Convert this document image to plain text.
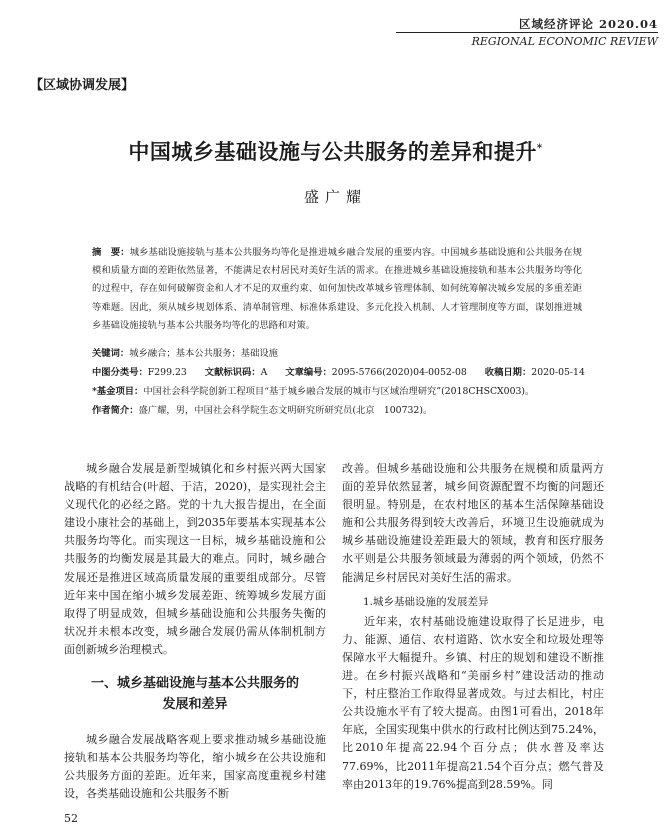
区域经济评论 2020.04
REGIONAL ECONOMIC REVIEW
【区域协调发展】
中国城乡基础设施与公共服务的差异和提升*
盛广耀
摘　要：城乡基础设施接轨与基本公共服务均等化是推进城乡融合发展的重要内容。中国城乡基础设施和公共服务在规模和质量方面的差距依然显著，不能满足农村居民对美好生活的需求。在推进城乡基础设施接轨和基本公共服务均等化的过程中，存在如何破解资金和人才不足的双重约束、如何加快改革城乡管理体制、如何统筹解决城乡发展的多重差距等难题。因此，须从城乡规划体系、清单制管理、标准体系建设、多元化投入机制、人才管理制度等方面，谋划推进城乡基础设施接轨与基本公共服务均等化的思路和对策。
关键词：城乡融合；基本公共服务；基础设施
中图分类号：F299.23 文献标识码：A 文章编号：2095-5766(2020)04-0052-08 收稿日期：2020-05-14
*基金项目：中国社会科学院创新工程项目“基于城乡融合发展的城市与区域治理研究”(2018CHSCX003)。
作者简介：盛广耀，男，中国社会科学院生态文明研究所研究员(北京　100732)。

城乡融合发展是新型城镇化和乡村振兴两大国家战略的有机结合(叶超、于洁，2020)，是实现社会主义现代化的必经之路。党的十九大报告提出，在全面建设小康社会的基础上，到2035年要基本实现基本公共服务均等化。而实现这一目标，城乡基础设施和公共服务的均衡发展是其最大的难点。同时，城乡融合发展还是推进区域高质量发展的重要组成部分。尽管近年来中国在缩小城乡发展差距、统筹城乡发展方面取得了明显成效，但城乡基础设施和公共服务失衡的状况并未根本改变，城乡融合发展仍需从体制机制方面创新城乡治理模式。

一、城乡基础设施与基本公共服务的
发展和差异

城乡融合发展战略客观上要求推动城乡基础设施接轨和基本公共服务均等化，缩小城乡在公共设施和公共服务方面的差距。近年来，国家高度重视乡村建设，各类基础设施和公共服务不断

改善。但城乡基础设施和公共服务在规模和质量两方面的差异依然显著，城乡间资源配置不均衡的问题还很明显。特别是，在农村地区的基本生活保障基础设施和公共服务得到较大改善后，环境卫生设施就成为城乡基础设施建设差距最大的领域，教育和医疗服务水平则是公共服务领域最为薄弱的两个领域，仍然不能满足乡村居民对美好生活的需求。

1.城乡基础设施的发展差异

近年来，农村基础设施建设取得了长足进步，电力、能源、通信、农村道路、饮水安全和垃圾处理等保障水平大幅提升。乡镇、村庄的规划和建设不断推进。在乡村振兴战略和“美丽乡村”建设活动的推动下，村庄整治工作取得显著成效。与过去相比，村庄公共设施水平有了较大提高。由图1可看出，2018年年底，全国实现集中供水的行政村比例达到75.24%，比2010年提高22.94个百分点；供水普及率达77.69%，比2011年提高21.54个百分点；燃气普及率由2013年的19.76%提高到28.59%。同

52
